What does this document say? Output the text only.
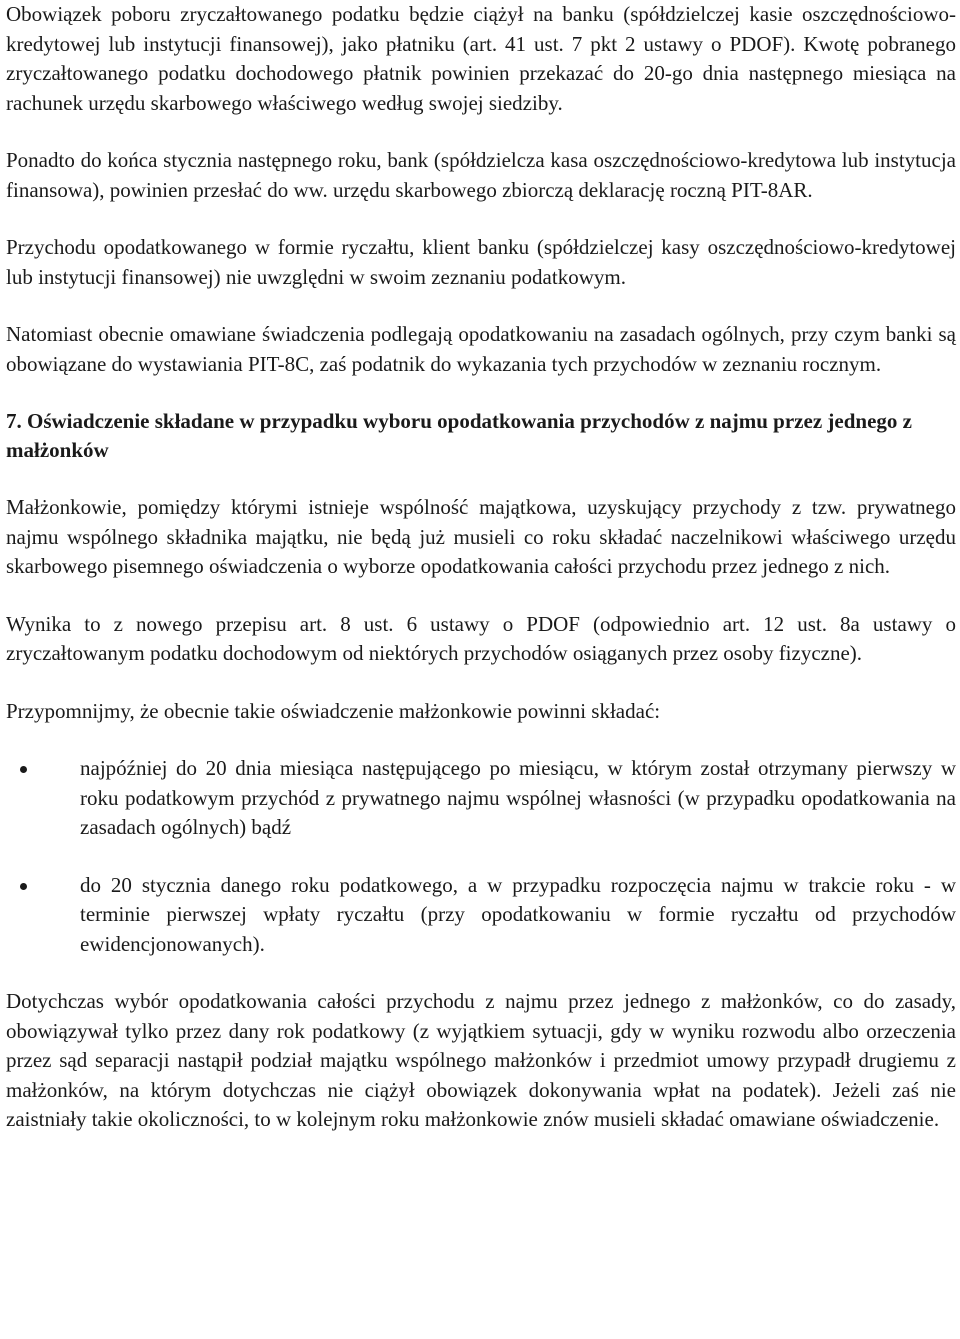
Obowiązek poboru zryczałtowanego podatku będzie ciążył na banku (spółdzielczej kasie oszczędnościowo-kredytowej lub instytucji finansowej), jako płatniku (art. 41 ust. 7 pkt 2 ustawy o PDOF). Kwotę pobranego zryczałtowanego podatku dochodowego płatnik powinien przekazać do 20-go dnia następnego miesiąca na rachunek urzędu skarbowego właściwego według swojej siedziby.

Ponadto do końca stycznia następnego roku, bank (spółdzielcza kasa oszczędnościowo-kredytowa lub instytucja finansowa), powinien przesłać do ww. urzędu skarbowego zbiorczą deklarację roczną PIT-8AR.

Przychodu opodatkowanego w formie ryczałtu, klient banku (spółdzielczej kasy oszczędnościowo-kredytowej lub instytucji finansowej) nie uwzględni w swoim zeznaniu podatkowym.

Natomiast obecnie omawiane świadczenia podlegają opodatkowaniu na zasadach ogólnych, przy czym banki są obowiązane do wystawiania PIT-8C, zaś podatnik do wykazania tych przychodów w zeznaniu rocznym.

7. Oświadczenie składane w przypadku wyboru opodatkowania przychodów z najmu przez jednego z małżonków

Małżonkowie, pomiędzy którymi istnieje wspólność majątkowa, uzyskujący przychody z tzw. prywatnego najmu wspólnego składnika majątku, nie będą już musieli co roku składać naczelnikowi właściwego urzędu skarbowego pisemnego oświadczenia o wyborze opodatkowania całości przychodu przez jednego z nich.

Wynika to z nowego przepisu art. 8 ust. 6 ustawy o PDOF (odpowiednio art. 12 ust. 8a ustawy o zryczałtowanym podatku dochodowym od niektórych przychodów osiąganych przez osoby fizyczne).

Przypomnijmy, że obecnie takie oświadczenie małżonkowie powinni składać:

najpóźniej do 20 dnia miesiąca następującego po miesiącu, w którym został otrzymany pierwszy w roku podatkowym przychód z prywatnego najmu wspólnej własności (w przypadku opodatkowania na zasadach ogólnych) bądź
do 20 stycznia danego roku podatkowego, a w przypadku rozpoczęcia najmu w trakcie roku - w terminie pierwszej wpłaty ryczałtu (przy opodatkowaniu w formie ryczałtu od przychodów ewidencjonowanych).

Dotychczas wybór opodatkowania całości przychodu z najmu przez jednego z małżonków, co do zasady, obowiązywał tylko przez dany rok podatkowy (z wyjątkiem sytuacji, gdy w wyniku rozwodu albo orzeczenia przez sąd separacji nastąpił podział majątku wspólnego małżonków i przedmiot umowy przypadł drugiemu z małżonków, na którym dotychczas nie ciążył obowiązek dokonywania wpłat na podatek). Jeżeli zaś nie zaistniały takie okoliczności, to w kolejnym roku małżonkowie znów musieli składać omawiane oświadczenie.
